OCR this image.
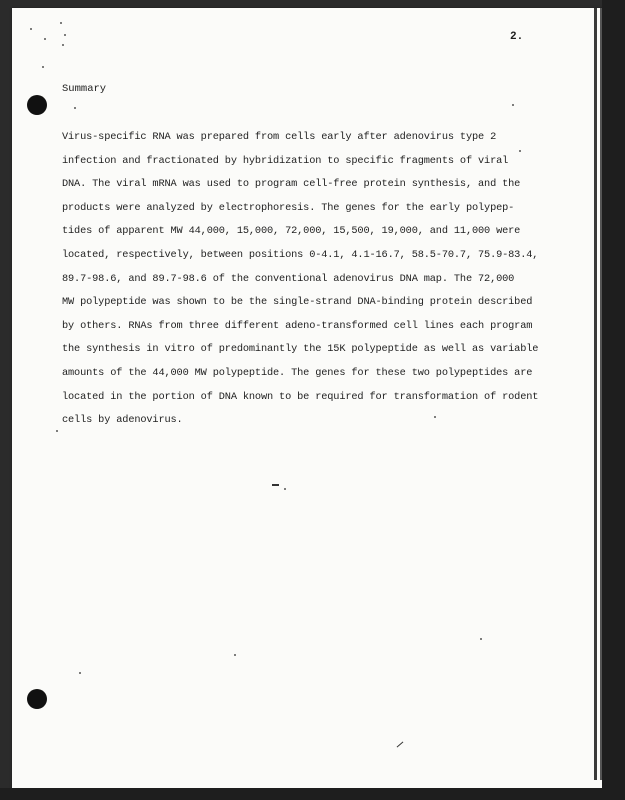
2.
Summary
Virus-specific RNA was prepared from cells early after adenovirus type 2
infection and fractionated by hybridization to specific fragments of viral
DNA. The viral mRNA was used to program cell-free protein synthesis, and the
products were analyzed by electrophoresis. The genes for the early polypep-
tides of apparent MW 44,000, 15,000, 72,000, 15,500, 19,000, and 11,000 were
located, respectively, between positions 0-4.1, 4.1-16.7, 58.5-70.7, 75.9-83.4,
89.7-98.6, and 89.7-98.6 of the conventional adenovirus DNA map. The 72,000
MW polypeptide was shown to be the single-strand DNA-binding protein described
by others. RNAs from three different adeno-transformed cell lines each program
the synthesis in vitro of predominantly the 15K polypeptide as well as variable
amounts of the 44,000 MW polypeptide. The genes for these two polypeptides are
located in the portion of DNA known to be required for transformation of rodent
cells by adenovirus.
